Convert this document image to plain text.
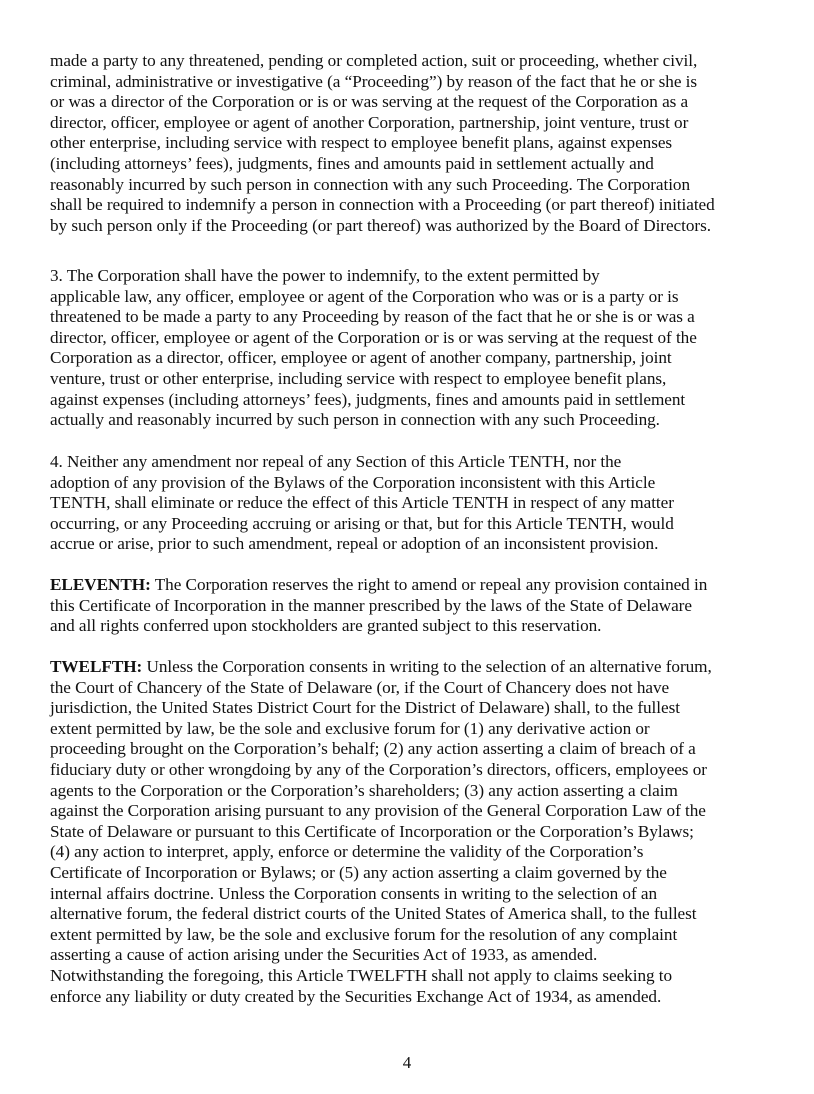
made a party to any threatened, pending or completed action, suit or proceeding, whether civil,
criminal, administrative or investigative (a “Proceeding”) by reason of the fact that he or she is
or was a director of the Corporation or is or was serving at the request of the Corporation as a
director, officer, employee or agent of another Corporation, partnership, joint venture, trust or
other enterprise, including service with respect to employee benefit plans, against expenses
(including attorneys’ fees), judgments, fines and amounts paid in settlement actually and
reasonably incurred by such person in connection with any such Proceeding. The Corporation
shall be required to indemnify a person in connection with a Proceeding (or part thereof) initiated
by such person only if the Proceeding (or part thereof) was authorized by the Board of Directors.

3. The Corporation shall have the power to indemnify, to the extent permitted by
applicable law, any officer, employee or agent of the Corporation who was or is a party or is
threatened to be made a party to any Proceeding by reason of the fact that he or she is or was a
director, officer, employee or agent of the Corporation or is or was serving at the request of the
Corporation as a director, officer, employee or agent of another company, partnership, joint
venture, trust or other enterprise, including service with respect to employee benefit plans,
against expenses (including attorneys’ fees), judgments, fines and amounts paid in settlement
actually and reasonably incurred by such person in connection with any such Proceeding.

4. Neither any amendment nor repeal of any Section of this Article TENTH, nor the
adoption of any provision of the Bylaws of the Corporation inconsistent with this Article
TENTH, shall eliminate or reduce the effect of this Article TENTH in respect of any matter
occurring, or any Proceeding accruing or arising or that, but for this Article TENTH, would
accrue or arise, prior to such amendment, repeal or adoption of an inconsistent provision.

ELEVENTH: The Corporation reserves the right to amend or repeal any provision contained in
this Certificate of Incorporation in the manner prescribed by the laws of the State of Delaware
and all rights conferred upon stockholders are granted subject to this reservation.

TWELFTH: Unless the Corporation consents in writing to the selection of an alternative forum,
the Court of Chancery of the State of Delaware (or, if the Court of Chancery does not have
jurisdiction, the United States District Court for the District of Delaware) shall, to the fullest
extent permitted by law, be the sole and exclusive forum for (1) any derivative action or
proceeding brought on the Corporation’s behalf; (2) any action asserting a claim of breach of a
fiduciary duty or other wrongdoing by any of the Corporation’s directors, officers, employees or
agents to the Corporation or the Corporation’s shareholders; (3) any action asserting a claim
against the Corporation arising pursuant to any provision of the General Corporation Law of the
State of Delaware or pursuant to this Certificate of Incorporation or the Corporation’s Bylaws;
(4) any action to interpret, apply, enforce or determine the validity of the Corporation’s
Certificate of Incorporation or Bylaws; or (5) any action asserting a claim governed by the
internal affairs doctrine. Unless the Corporation consents in writing to the selection of an
alternative forum, the federal district courts of the United States of America shall, to the fullest
extent permitted by law, be the sole and exclusive forum for the resolution of any complaint
asserting a cause of action arising under the Securities Act of 1933, as amended.
Notwithstanding the foregoing, this Article TWELFTH shall not apply to claims seeking to
enforce any liability or duty created by the Securities Exchange Act of 1934, as amended.

4
